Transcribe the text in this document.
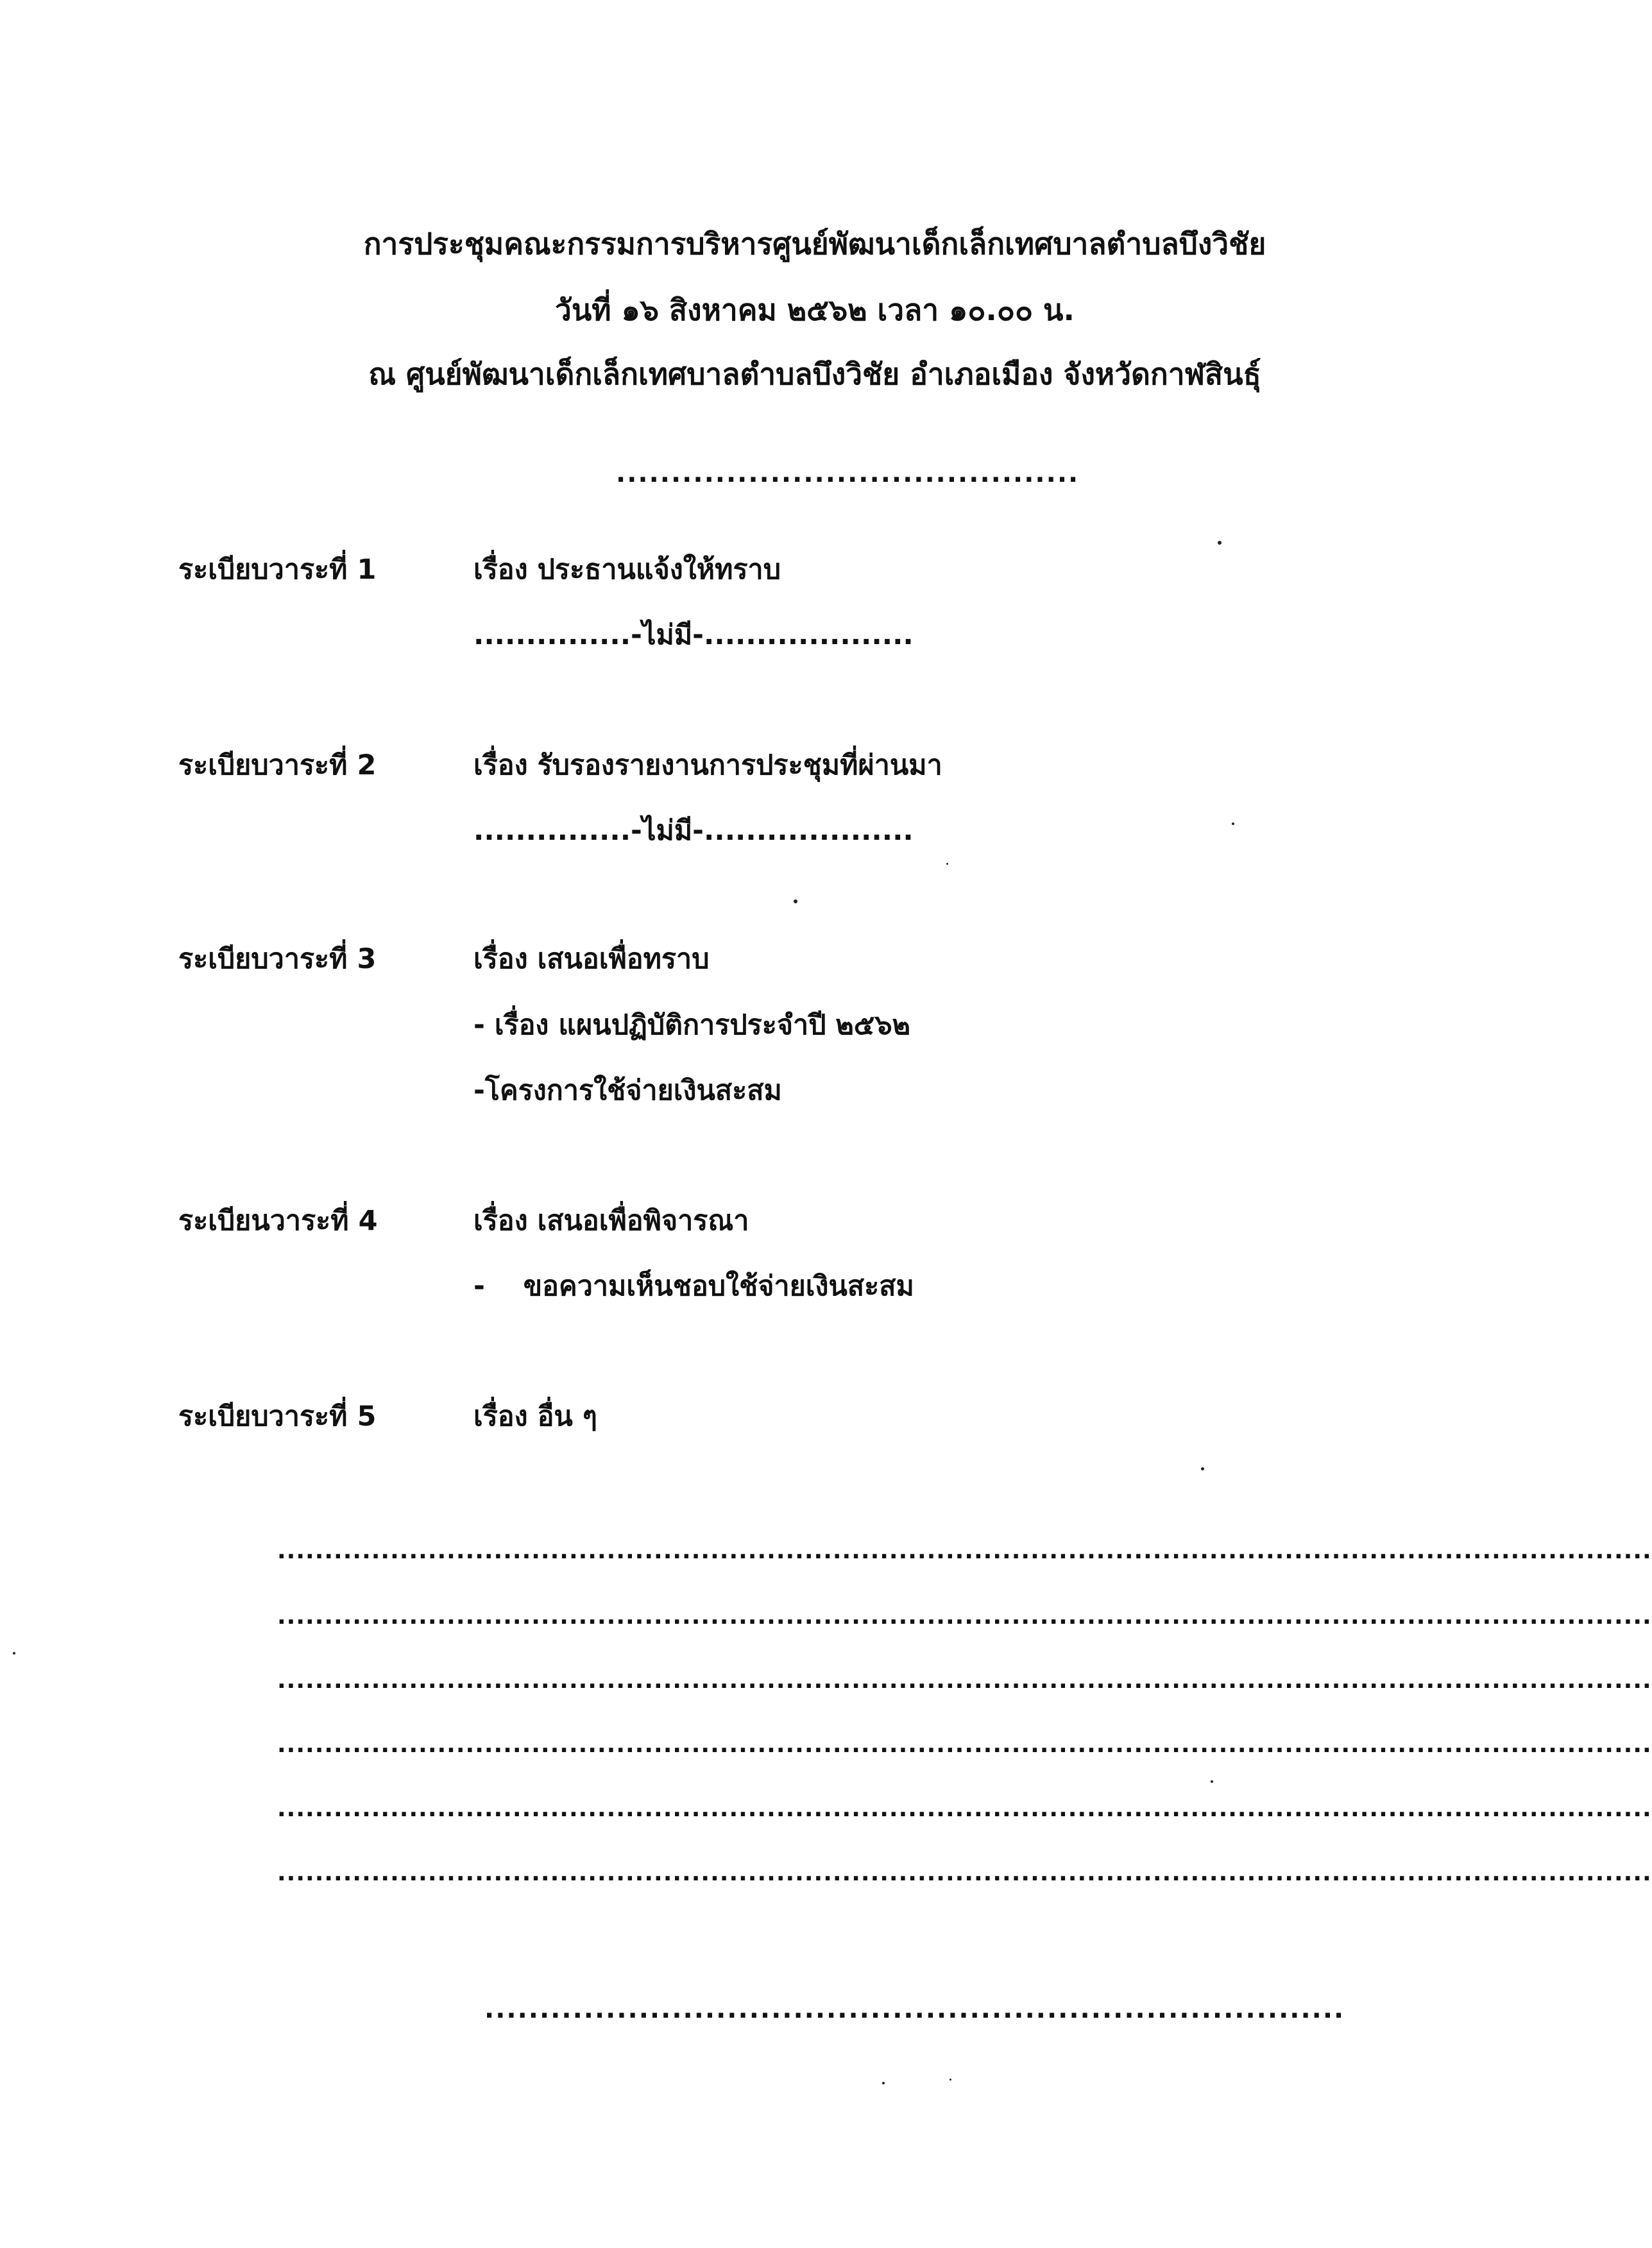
การประชุมคณะกรรมการบริหารศูนย์พัฒนาเด็กเล็กเทศบาลตำบลบึงวิชัย
วันที่ ๑๖ สิงหาคม ๒๕๖๒ เวลา ๑๐.๐๐ น.
ณ ศูนย์พัฒนาเด็กเล็กเทศบาลตำบลบึงวิชัย อำเภอเมือง จังหวัดกาฬสินธุ์
..........................................
ระเบียบวาระที่ 1	เรื่อง ประธานแจ้งให้ทราบ
...............-ไม่มี-....................
ระเบียบวาระที่ 2	เรื่อง รับรองรายงานการประชุมที่ผ่านมา
...............-ไม่มี-....................
ระเบียบวาระที่ 3	เรื่อง เสนอเพื่อทราบ
- เรื่อง แผนปฏิบัติการประจำปี ๒๕๖๒
-โครงการใช้จ่ายเงินสะสม
ระเบียนวาระที่ 4	เรื่อง เสนอเพื่อพิจารณา
-    ขอความเห็นชอบใช้จ่ายเงินสะสม
ระเบียบวาระที่ 5	เรื่อง อื่น ๆ
..................................................................................................................................................
..................................................................................................................................................
..................................................................................................................................................
..................................................................................................................................................
..................................................................................................................................................
..................................................................................................................................................
..............................................................................
